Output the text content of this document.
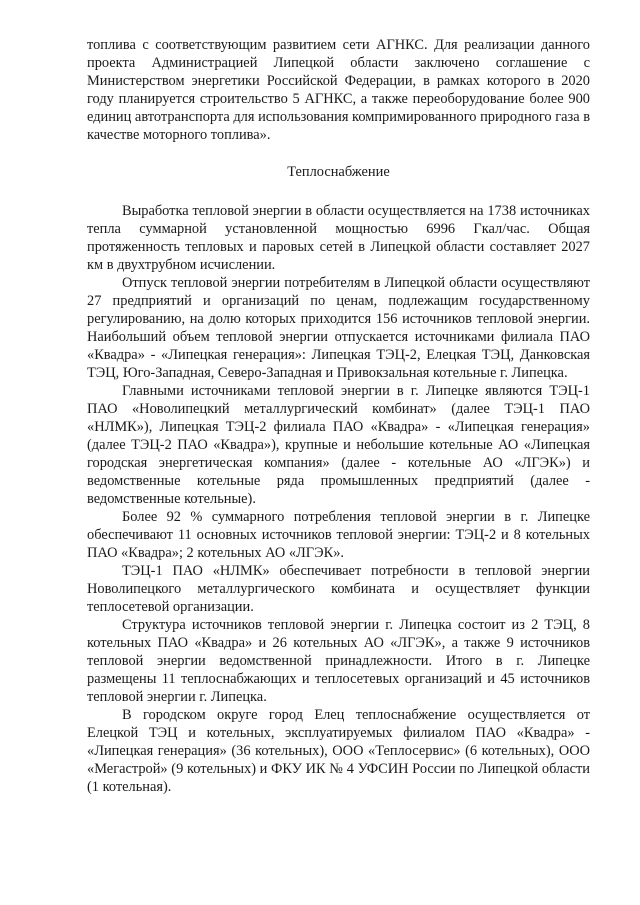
топлива с соответствующим развитием сети АГНКС. Для реализации данного проекта Администрацией Липецкой области заключено соглашение с Министерством энергетики Российской Федерации, в рамках которого в 2020 году планируется строительство 5 АГНКС, а также переоборудование более 900 единиц автотранспорта для использования компримированного природного газа в качестве моторного топлива».

Теплоснабжение

Выработка тепловой энергии в области осуществляется на 1738 источниках тепла суммарной установленной мощностью 6996 Гкал/час. Общая протяженность тепловых и паровых сетей в Липецкой области составляет 2027 км в двухтрубном исчислении.

Отпуск тепловой энергии потребителям в Липецкой области осуществляют 27 предприятий и организаций по ценам, подлежащим государственному регулированию, на долю которых приходится 156 источников тепловой энергии. Наибольший объем тепловой энергии отпускается источниками филиала ПАО «Квадра» - «Липецкая генерация»: Липецкая ТЭЦ-2, Елецкая ТЭЦ, Данковская ТЭЦ, Юго-Западная, Северо-Западная и Привокзальная котельные г. Липецка.

Главными источниками тепловой энергии в г. Липецке являются ТЭЦ-1 ПАО «Новолипецкий металлургический комбинат» (далее ТЭЦ-1 ПАО «НЛМК»), Липецкая ТЭЦ-2 филиала ПАО «Квадра» - «Липецкая генерация» (далее ТЭЦ-2 ПАО «Квадра»), крупные и небольшие котельные АО «Липецкая городская энергетическая компания» (далее - котельные АО «ЛГЭК») и ведомственные котельные ряда промышленных предприятий (далее - ведомственные котельные).

Более 92 % суммарного потребления тепловой энергии в г. Липецке обеспечивают 11 основных источников тепловой энергии: ТЭЦ-2 и 8 котельных ПАО «Квадра»; 2 котельных АО «ЛГЭК».

ТЭЦ-1 ПАО «НЛМК» обеспечивает потребности в тепловой энергии Новолипецкого металлургического комбината и осуществляет функции теплосетевой организации.

Структура источников тепловой энергии г. Липецка состоит из 2 ТЭЦ, 8 котельных ПАО «Квадра» и 26 котельных АО «ЛГЭК», а также 9 источников тепловой энергии ведомственной принадлежности. Итого в г. Липецке размещены 11 теплоснабжающих и теплосетевых организаций и 45 источников тепловой энергии г. Липецка.

В городском округе город Елец теплоснабжение осуществляется от Елецкой ТЭЦ и котельных, эксплуатируемых филиалом ПАО «Квадра» - «Липецкая генерация» (36 котельных), ООО «Теплосервис» (6 котельных), ООО «Мегастрой» (9 котельных) и ФКУ ИК № 4 УФСИН России по Липецкой области (1 котельная).
